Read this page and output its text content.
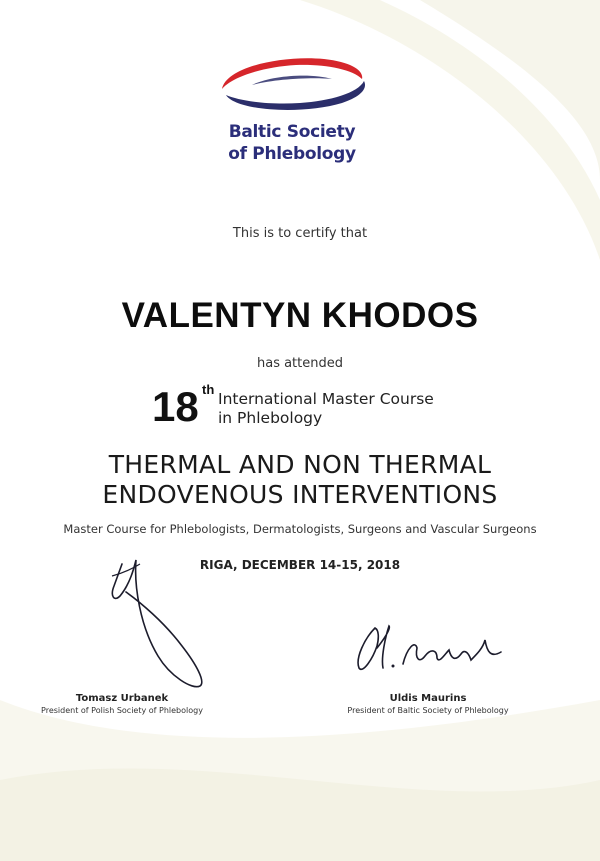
Baltic Society
of Phlebology
This is to certify that
VALENTYN KHODOS
has attended
18 th
International Master Course
in Phlebology
THERMAL AND NON THERMAL
ENDOVENOUS INTERVENTIONS
Master Course for Phlebologists, Dermatologists, Surgeons and Vascular Surgeons
RIGA, DECEMBER 14-15, 2018
Tomasz Urbanek
President of Polish Society of Phlebology
Uldis Maurins
President of Baltic Society of Phlebology
